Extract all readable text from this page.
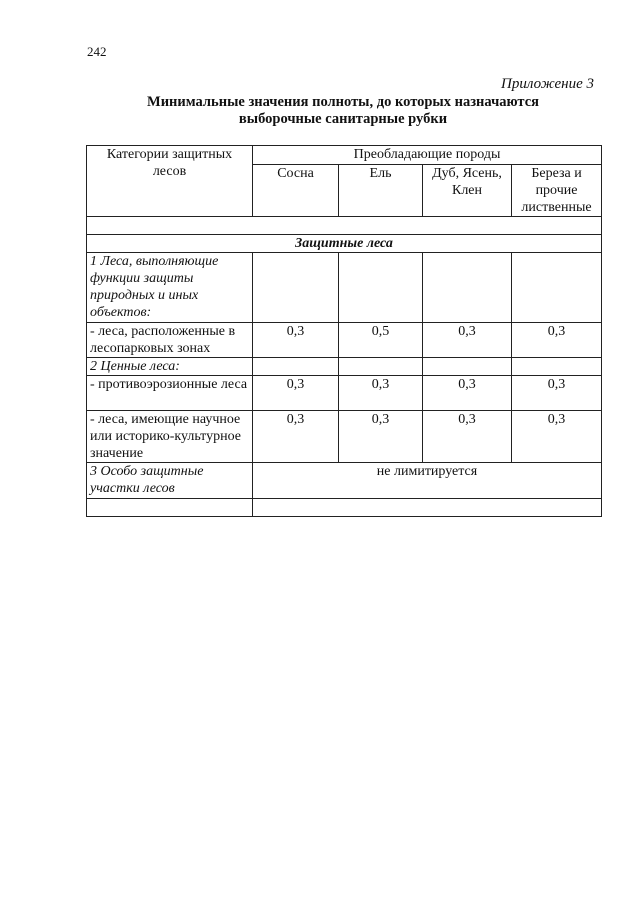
242
Приложение 3
Минимальные значения полноты, до которых назначаются
выборочные санитарные рубки
Категории защитных лесов	Преобладающие породы			
	Сосна	Ель	Дуб, Ясень, Клен	Береза и прочие лиственные

Защитные леса				
1 Леса, выполняющие функции защиты природных и иных объектов:				
- леса, расположенные в лесопарковых зонах	0,3	0,5	0,3	0,3
2 Ценные леса:				
- противоэрозионные леса	0,3	0,3	0,3	0,3
- леса, имеющие научное или историко-культурное значение	0,3	0,3	0,3	0,3
3 Особо защитные участки лесов	не лимитируется			
